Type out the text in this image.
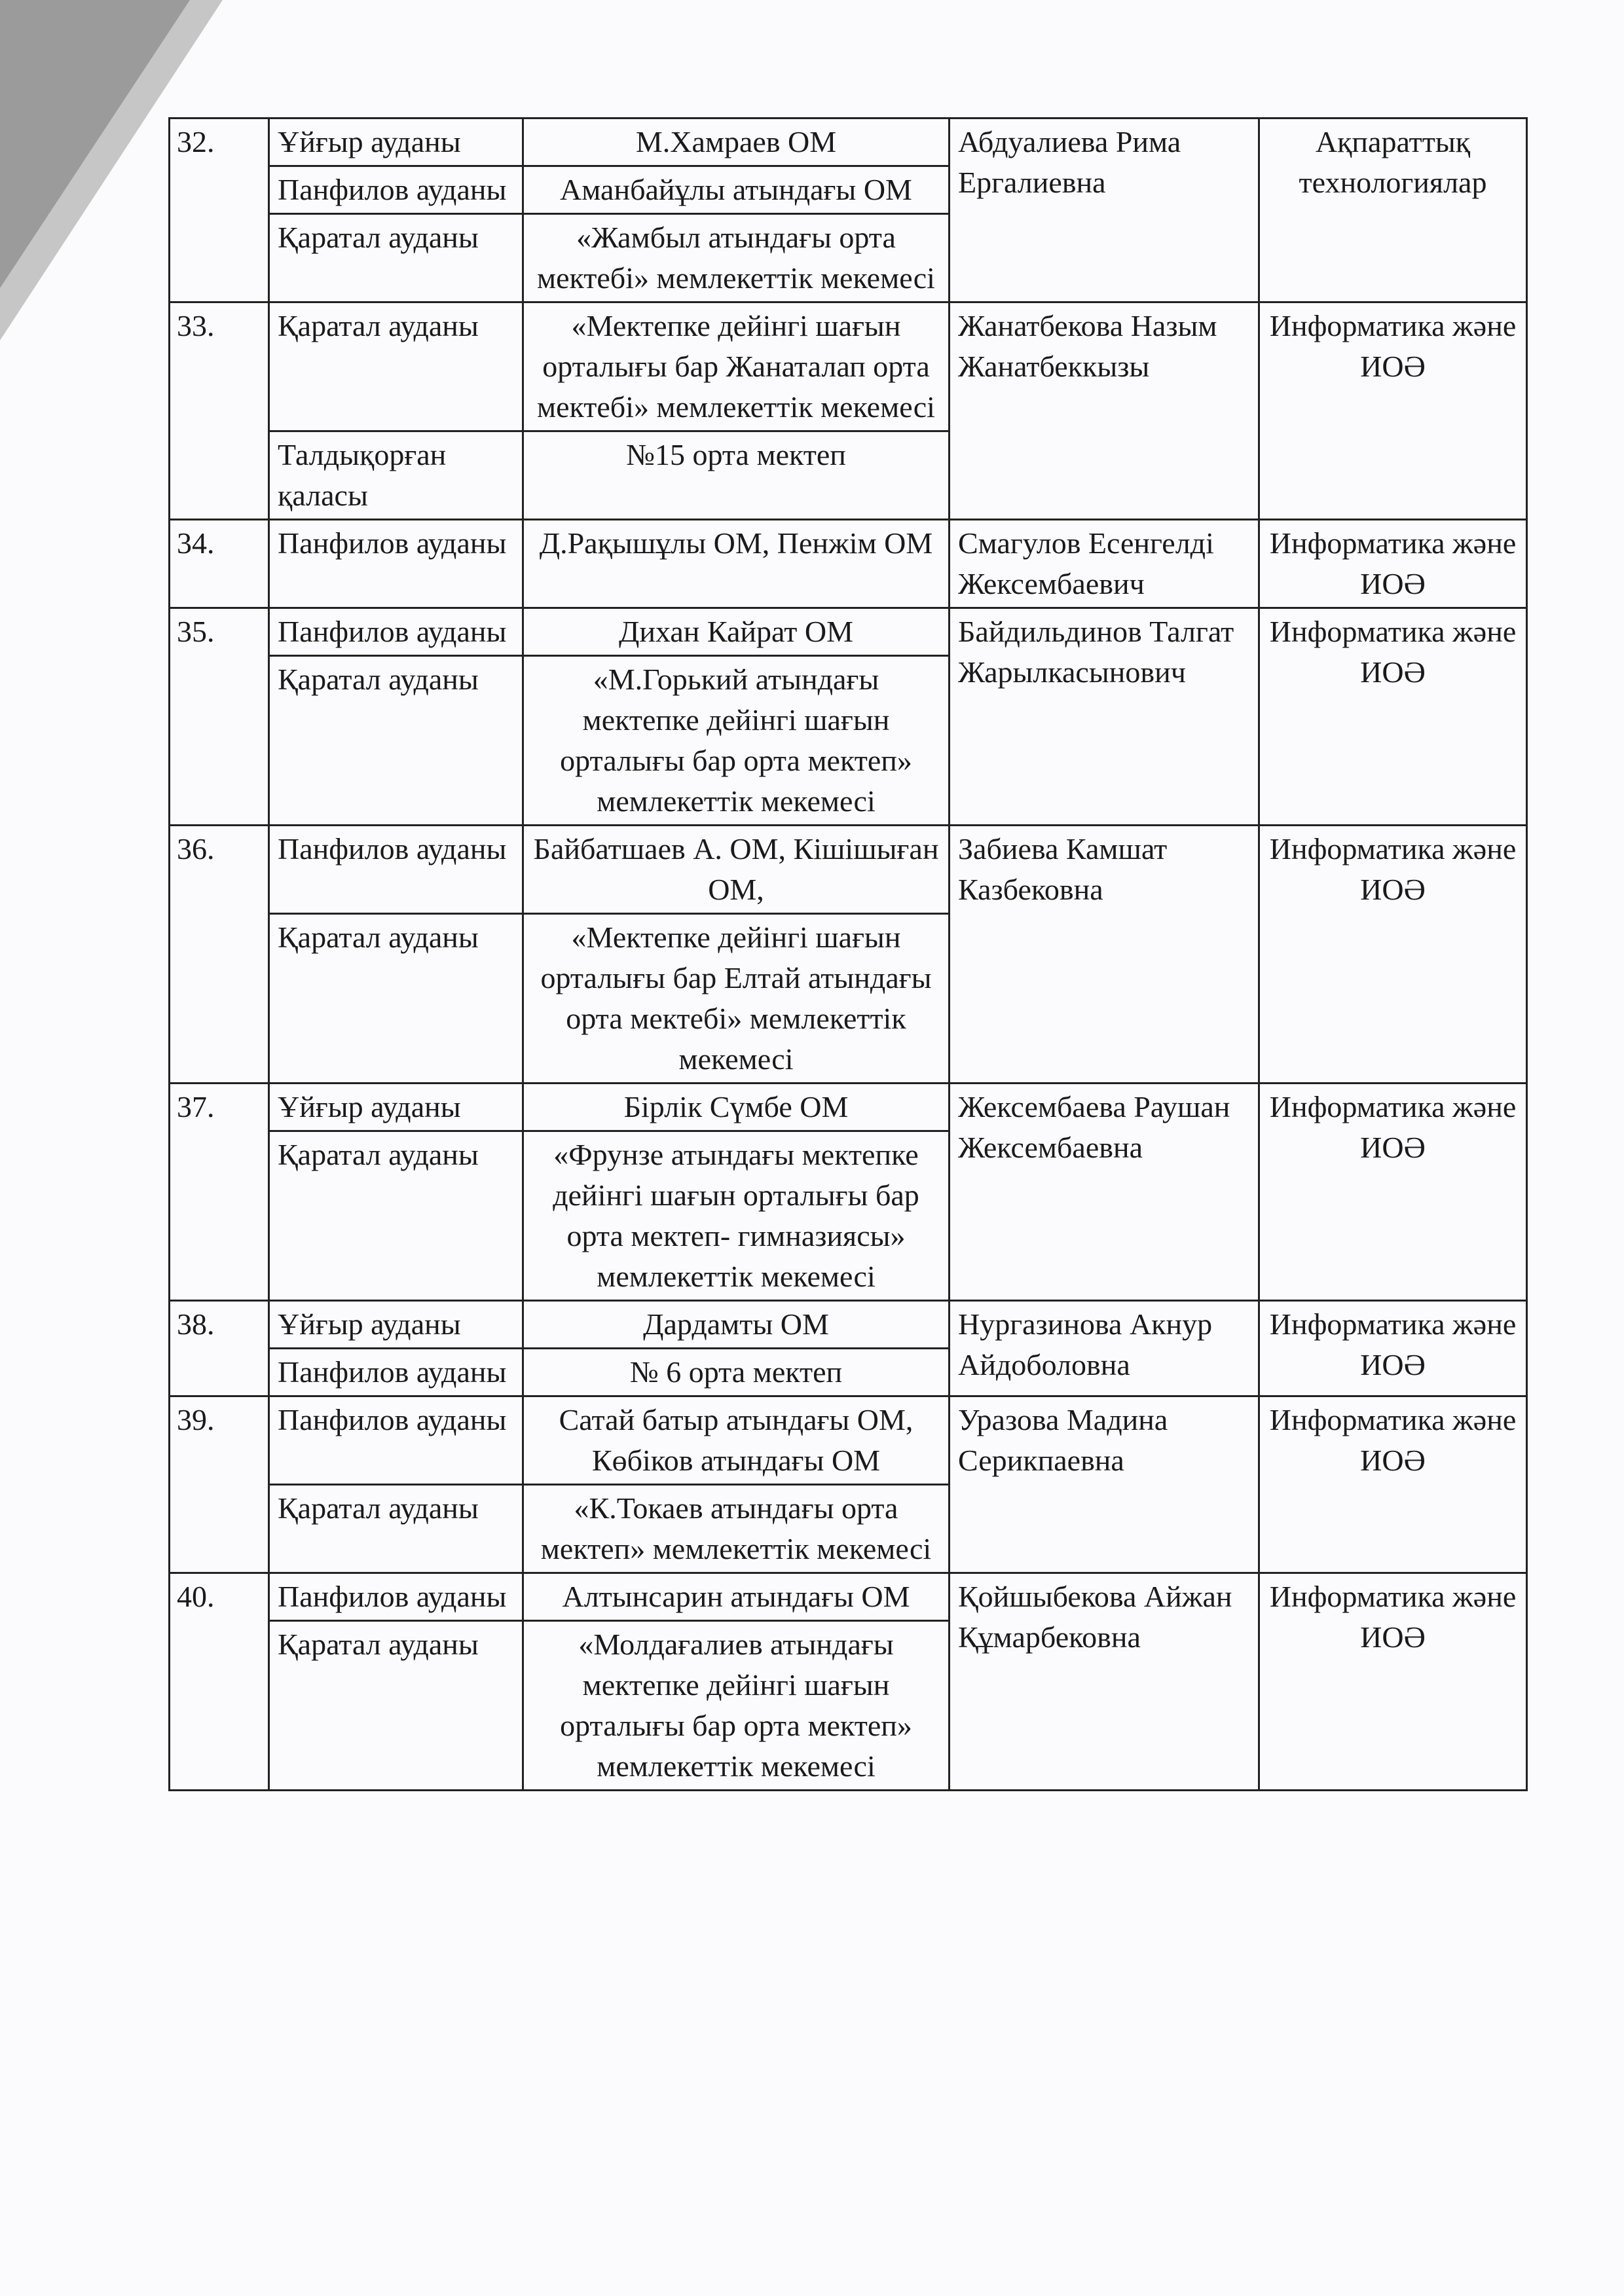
32.	Ұйғыр ауданы	М.Хамраев ОМ	Абдуалиева Рима Ергалиевна	Ақпараттық технологиялар
	Панфилов ауданы	Аманбайұлы атындағы ОМ		
	Қаратал ауданы	«Жамбыл атындағы орта мектебі» мемлекеттік мекемесі		
33.	Қаратал ауданы	«Мектепке дейінгі шағын орталығы бар Жанаталап орта мектебі» мемлекеттік мекемесі	Жанатбекова Назым Жанатбеккызы	Информатика және ИОӘ
	Талдықорған қаласы	№15 орта мектеп		
34.	Панфилов ауданы	Д.Рақышұлы ОМ, Пенжім ОМ	Смагулов Есенгелді Жексембаевич	Информатика және ИОӘ
35.	Панфилов ауданы	Дихан Кайрат ОМ	Байдильдинов Талгат Жарылкасынович	Информатика және ИОӘ
	Қаратал ауданы	«М.Горький атындағы мектепке дейінгі шағын орталығы бар орта мектеп» мемлекеттік мекемесі		
36.	Панфилов ауданы	Байбатшаев А. ОМ, Кішішыған ОМ,	Забиева Камшат Казбековна	Информатика және ИОӘ
	Қаратал ауданы	«Мектепке дейінгі шағын орталығы бар Елтай атындағы орта мектебі» мемлекеттік мекемесі		
37.	Ұйғыр ауданы	Бірлік Сүмбе ОМ	Жексембаева Раушан Жексембаевна	Информатика және ИОӘ
	Қаратал ауданы	«Фрунзе атындағы мектепке дейінгі шағын орталығы бар орта мектеп- гимназиясы» мемлекеттік мекемесі		
38.	Ұйғыр ауданы	Дардамты ОМ	Нургазинова Акнур Айдоболовна	Информатика және ИОӘ
	Панфилов ауданы	№ 6 орта мектеп		
39.	Панфилов ауданы	Сатай батыр атындағы ОМ, Көбіков атындағы ОМ	Уразова Мадина Серикпаевна	Информатика және ИОӘ
	Қаратал ауданы	«К.Токаев атындағы орта мектеп» мемлекеттік мекемесі		
40.	Панфилов ауданы	Алтынсарин атындағы ОМ	Қойшыбекова Айжан Құмарбековна	Информатика және ИОӘ
	Қаратал ауданы	«Молдағалиев атындағы мектепке дейінгі шағын орталығы бар орта мектеп» мемлекеттік мекемесі		
